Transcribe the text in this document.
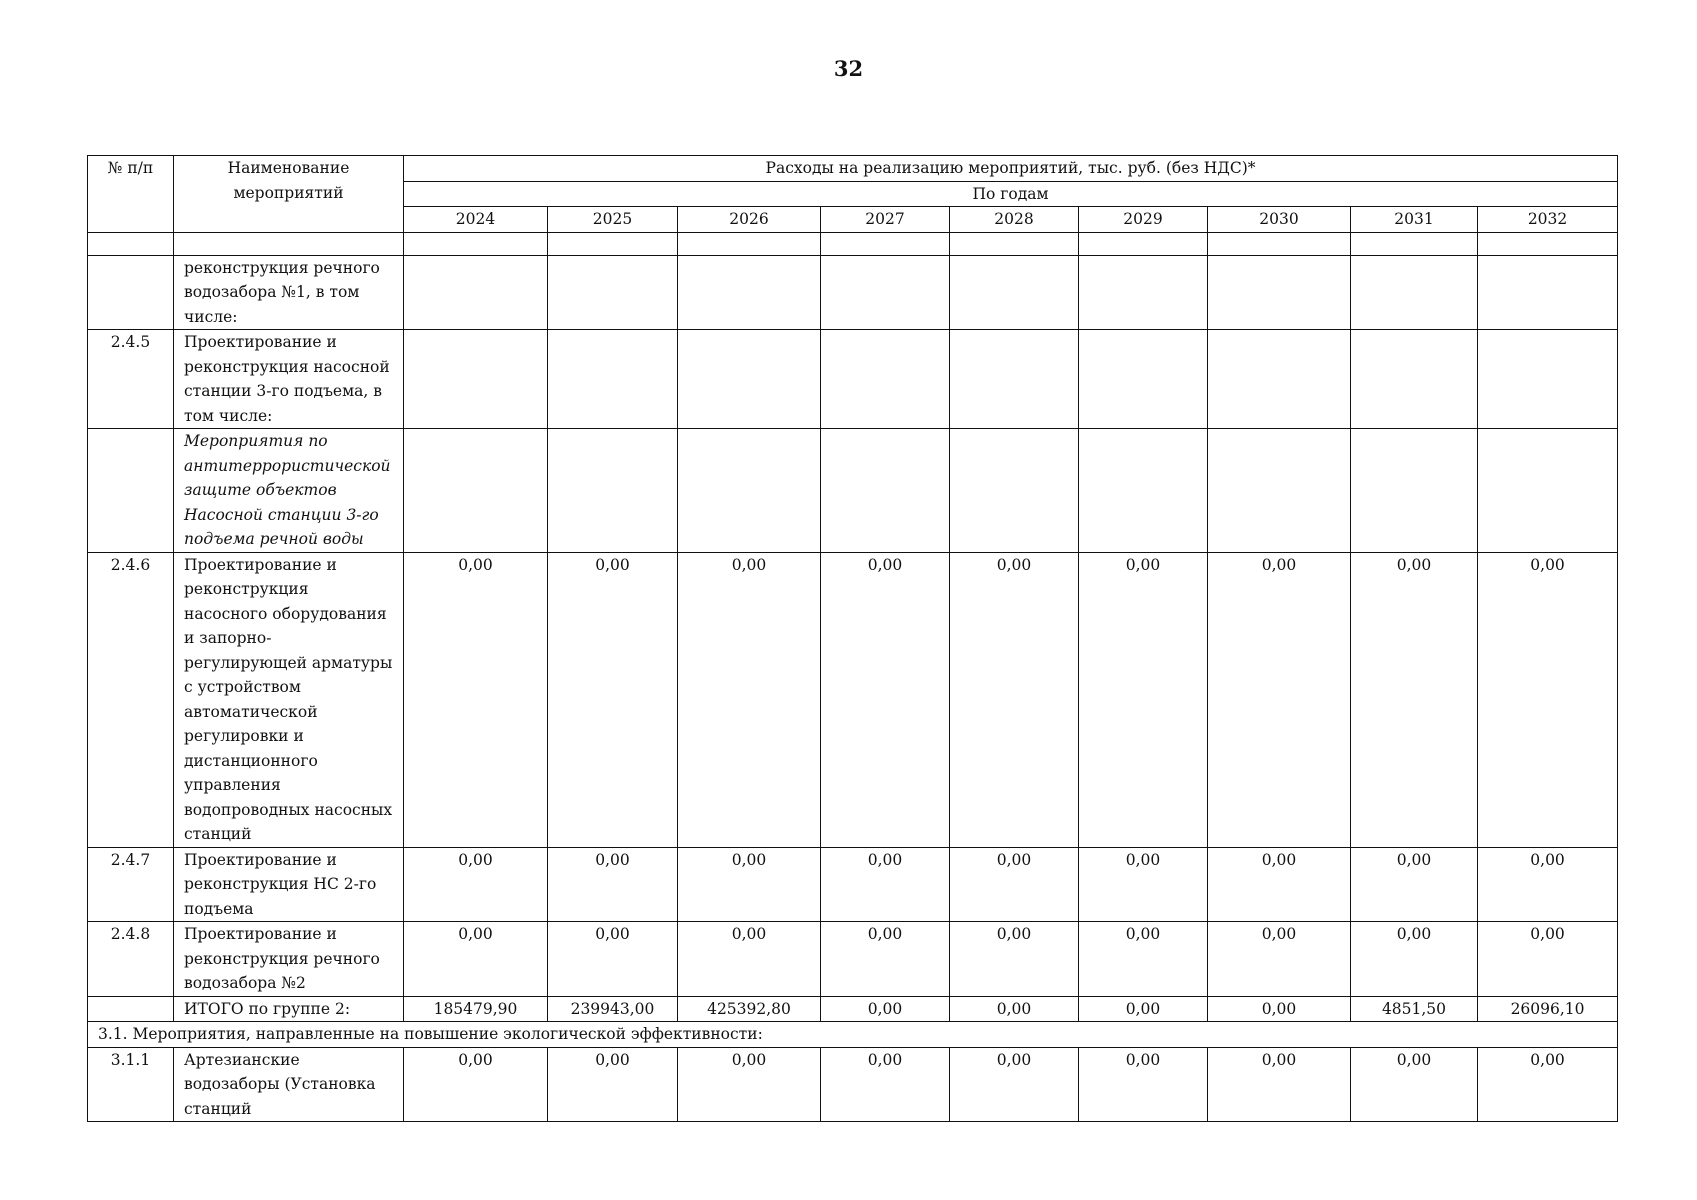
32
№ п/п	Наименование мероприятий	Расходы на реализацию мероприятий, тыс. руб. (без НДС)*								
		По годам								
		2024	2025	2026	2027	2028	2029	2030	2031	2032

	реконструкция речного водозабора №1, в том числе:									
2.4.5	Проектирование и реконструкция насосной станции 3-го подъема, в том числе:									
	Мероприятия по антитеррористической защите объектов Насосной станции 3-го подъема речной воды									
2.4.6	Проектирование и реконструкция насосного оборудования и запорно-регулирующей арматуры с устройством автоматической регулировки и дистанционного управления водопроводных насосных станций	0,00	0,00	0,00	0,00	0,00	0,00	0,00	0,00	0,00
2.4.7	Проектирование и реконструкция НС 2-го подъема	0,00	0,00	0,00	0,00	0,00	0,00	0,00	0,00	0,00
2.4.8	Проектирование и реконструкция речного водозабора №2	0,00	0,00	0,00	0,00	0,00	0,00	0,00	0,00	0,00
	ИТОГО по группе 2:	185479,90	239943,00	425392,80	0,00	0,00	0,00	0,00	4851,50	26096,10
3.1. Мероприятия, направленные на повышение экологической эффективности:										
3.1.1	Артезианские водозаборы (Установка станций	0,00	0,00	0,00	0,00	0,00	0,00	0,00	0,00	0,00
